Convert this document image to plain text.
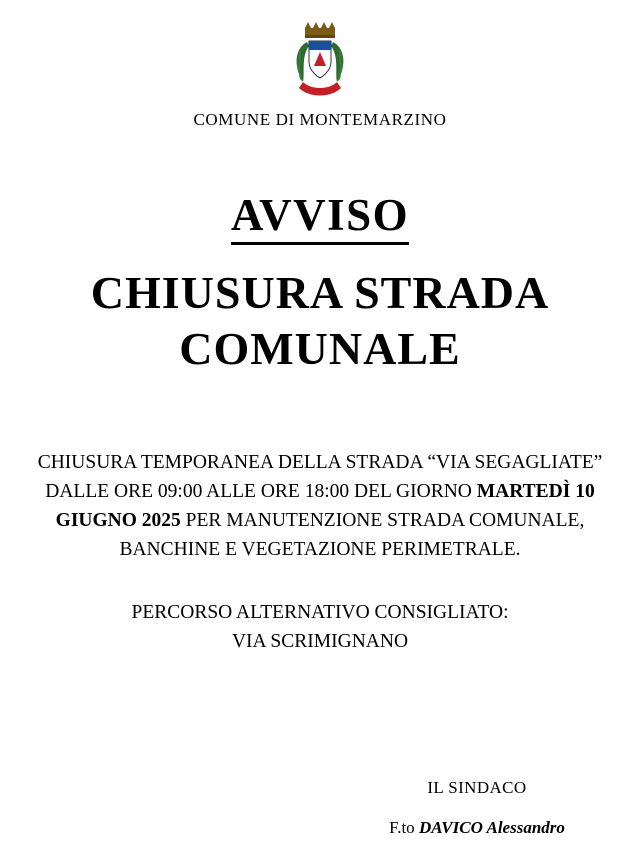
COMUNE DI MONTEMARZINO
AVVISO
CHIUSURA STRADA
COMUNALE
CHIUSURA TEMPORANEA DELLA STRADA “VIA SEGAGLIATE” DALLE ORE 09:00 ALLE ORE 18:00 DEL GIORNO MARTEDÌ 10 GIUGNO 2025 PER MANUTENZIONE STRADA COMUNALE, BANCHINE E VEGETAZIONE PERIMETRALE.
PERCORSO ALTERNATIVO CONSIGLIATO:
VIA SCRIMIGNANO
IL SINDACO
F.to DAVICO Alessandro
